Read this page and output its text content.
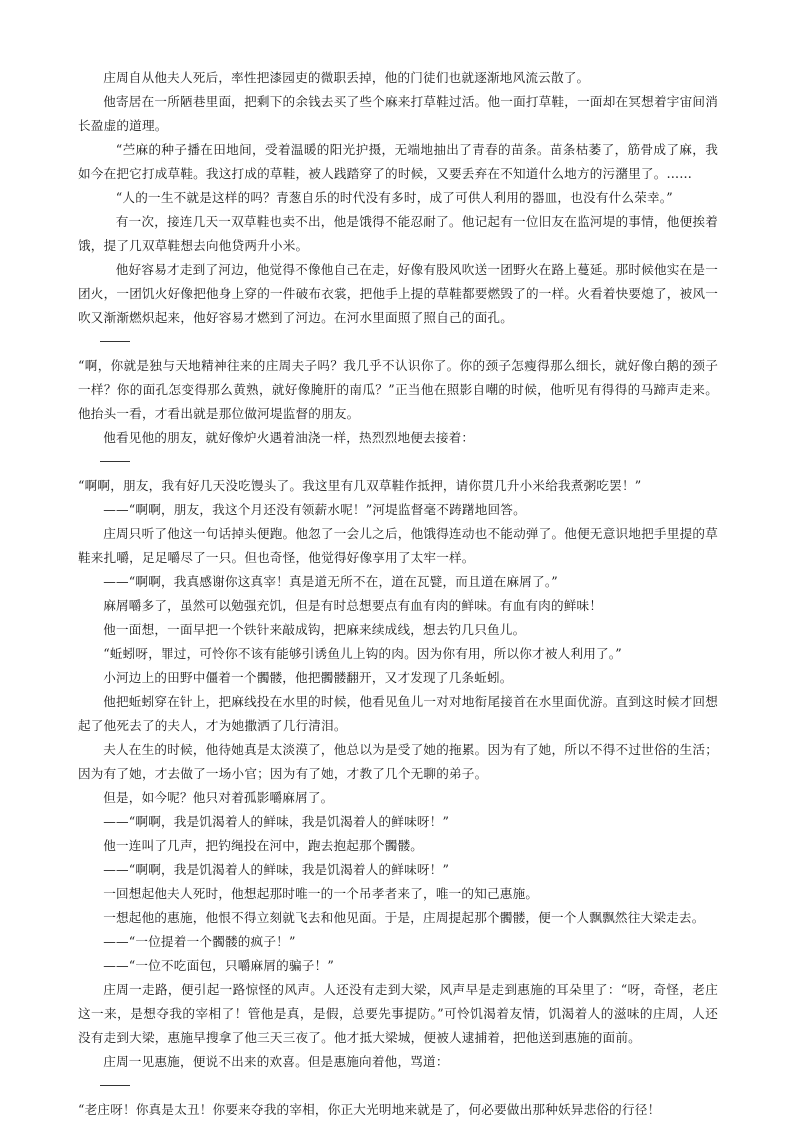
庄周自从他夫人死后，率性把漆园吏的微职丢掉，他的门徒们也就逐渐地风流云散了。

他寄居在一所陋巷里面，把剩下的余钱去买了些个麻来打草鞋过活。他一面打草鞋，一面却在冥想着宇宙间消长盈虚的道理。

“苎麻的种子播在田地间，受着温暖的阳光护摄，无端地抽出了青春的苗条。苗条枯萎了，筋骨成了麻，我如今在把它打成草鞋。我这打成的草鞋，被人践踏穿了的时候，又要丢弃在不知道什么地方的污潴里了。……

“人的一生不就是这样的吗？青葱自乐的时代没有多时，成了可供人利用的器皿，也没有什么荣幸。”

有一次，接连几天一双草鞋也卖不出，他是饿得不能忍耐了。他记起有一位旧友在监河堤的事情，他便挨着饿，提了几双草鞋想去向他贷两升小米。

他好容易才走到了河边，他觉得不像他自己在走，好像有股风吹送一团野火在路上蔓延。那时候他实在是一团火，一团饥火好像把他身上穿的一件破布衣裳，把他手上提的草鞋都要燃毁了的一样。火看着快要熄了，被风一吹又渐渐燃炽起来，他好容易才燃到了河边。在河水里面照了照自己的面孔。

“啊，你就是独与天地精神往来的庄周夫子吗？我几乎不认识你了。你的颈子怎瘦得那么细长，就好像白鹅的颈子一样？你的面孔怎变得那么黄熟，就好像腌肝的南瓜？”正当他在照影自嘲的时候，他听见有得得的马蹄声走来。他抬头一看，才看出就是那位做河堤监督的朋友。

他看见他的朋友，就好像炉火遇着油浇一样，热烈烈地便去接着：

“啊啊，朋友，我有好几天没吃馒头了。我这里有几双草鞋作抵押，请你贯几升小米给我煮粥吃罢！”

——“啊啊，朋友，我这个月还没有领薪水呢！”河堤监督毫不踌躇地回答。

庄周只听了他这一句话掉头便跑。他忽了一会儿之后，他饿得连动也不能动弹了。他便无意识地把手里提的草鞋来扎嚼，足足嚼尽了一只。但也奇怪，他觉得好像享用了太牢一样。

——“啊啊，我真感谢你这真宰！真是道无所不在，道在瓦甓，而且道在麻屑了。”

麻屑嚼多了，虽然可以勉强充饥，但是有时总想要点有血有肉的鲜味。有血有肉的鲜味！

他一面想，一面早把一个铁针来敲成钩，把麻来续成线，想去钓几只鱼儿。

“蚯蚓呀，罪过，可怜你不该有能够引诱鱼儿上钩的肉。因为你有用，所以你才被人利用了。”

小河边上的田野中僵着一个髑髅，他把髑髅翻开，又才发现了几条蚯蚓。

他把蚯蚓穿在针上，把麻线投在水里的时候，他看见鱼儿一对对地衔尾接首在水里面优游。直到这时候才回想起了他死去了的夫人，才为她撒洒了几行清泪。

夫人在生的时候，他待她真是太淡漠了，他总以为是受了她的拖累。因为有了她，所以不得不过世俗的生活；因为有了她，才去做了一场小官；因为有了她，才教了几个无聊的弟子。

但是，如今呢？他只对着孤影嚼麻屑了。

——“啊啊，我是饥渴着人的鲜味，我是饥渴着人的鲜味呀！”

他一连叫了几声，把钓绳投在河中，跑去抱起那个髑髅。

——“啊啊，我是饥渴着人的鲜味，我是饥渴着人的鲜味呀！”

一回想起他夫人死时，他想起那时唯一的一个吊孝者来了，唯一的知己惠施。

一想起他的惠施，他恨不得立刻就飞去和他见面。于是，庄周提起那个髑髅，便一个人飘飘然往大梁走去。

——“一位提着一个髑髅的疯子！”

——“一位不吃面包，只嚼麻屑的骗子！”

庄周一走路，便引起一路惊怪的风声。人还没有走到大梁，风声早是走到惠施的耳朵里了：“呀，奇怪，老庄这一来，是想夺我的宰相了！管他是真，是假，总要先事提防。”可怜饥渴着友情，饥渴着人的滋味的庄周，人还没有走到大梁，惠施早搜拿了他三天三夜了。他才抵大梁城，便被人逮捕着，把他送到惠施的面前。

庄周一见惠施，便说不出来的欢喜。但是惠施向着他，骂道：

“老庄呀！你真是太丑！你要来夺我的宰相，你正大光明地来就是了，何必要做出那种妖异悲俗的行径！
